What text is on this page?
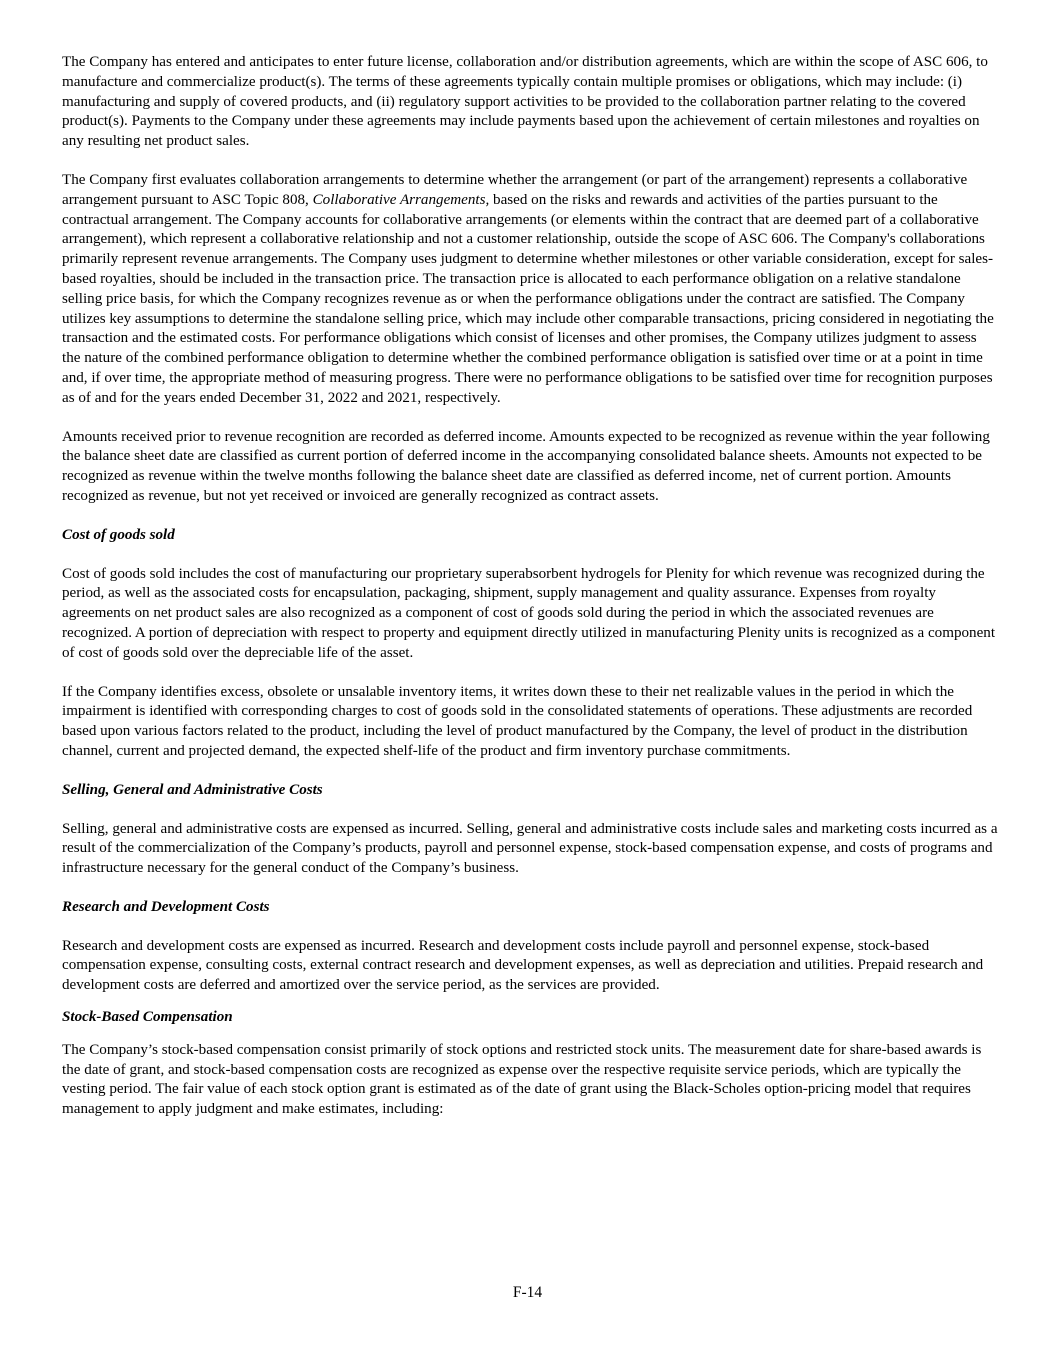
The Company has entered and anticipates to enter future license, collaboration and/or distribution agreements, which are within the scope of ASC 606, to manufacture and commercialize product(s). The terms of these agreements typically contain multiple promises or obligations, which may include: (i) manufacturing and supply of covered products, and (ii) regulatory support activities to be provided to the collaboration partner relating to the covered product(s). Payments to the Company under these agreements may include payments based upon the achievement of certain milestones and royalties on any resulting net product sales.

The Company first evaluates collaboration arrangements to determine whether the arrangement (or part of the arrangement) represents a collaborative arrangement pursuant to ASC Topic 808, Collaborative Arrangements, based on the risks and rewards and activities of the parties pursuant to the contractual arrangement. The Company accounts for collaborative arrangements (or elements within the contract that are deemed part of a collaborative arrangement), which represent a collaborative relationship and not a customer relationship, outside the scope of ASC 606. The Company's collaborations primarily represent revenue arrangements. The Company uses judgment to determine whether milestones or other variable consideration, except for sales-based royalties, should be included in the transaction price. The transaction price is allocated to each performance obligation on a relative standalone selling price basis, for which the Company recognizes revenue as or when the performance obligations under the contract are satisfied. The Company utilizes key assumptions to determine the standalone selling price, which may include other comparable transactions, pricing considered in negotiating the transaction and the estimated costs. For performance obligations which consist of licenses and other promises, the Company utilizes judgment to assess the nature of the combined performance obligation to determine whether the combined performance obligation is satisfied over time or at a point in time and, if over time, the appropriate method of measuring progress. There were no performance obligations to be satisfied over time for recognition purposes as of and for the years ended December 31, 2022 and 2021, respectively.

Amounts received prior to revenue recognition are recorded as deferred income. Amounts expected to be recognized as revenue within the year following the balance sheet date are classified as current portion of deferred income in the accompanying consolidated balance sheets. Amounts not expected to be recognized as revenue within the twelve months following the balance sheet date are classified as deferred income, net of current portion. Amounts recognized as revenue, but not yet received or invoiced are generally recognized as contract assets.

Cost of goods sold

Cost of goods sold includes the cost of manufacturing our proprietary superabsorbent hydrogels for Plenity for which revenue was recognized during the period, as well as the associated costs for encapsulation, packaging, shipment, supply management and quality assurance. Expenses from royalty agreements on net product sales are also recognized as a component of cost of goods sold during the period in which the associated revenues are recognized. A portion of depreciation with respect to property and equipment directly utilized in manufacturing Plenity units is recognized as a component of cost of goods sold over the depreciable life of the asset.

If the Company identifies excess, obsolete or unsalable inventory items, it writes down these to their net realizable values in the period in which the impairment is identified with corresponding charges to cost of goods sold in the consolidated statements of operations. These adjustments are recorded based upon various factors related to the product, including the level of product manufactured by the Company, the level of product in the distribution channel, current and projected demand, the expected shelf-life of the product and firm inventory purchase commitments.

Selling, General and Administrative Costs

Selling, general and administrative costs are expensed as incurred. Selling, general and administrative costs include sales and marketing costs incurred as a result of the commercialization of the Company’s products, payroll and personnel expense, stock-based compensation expense, and costs of programs and infrastructure necessary for the general conduct of the Company’s business.

Research and Development Costs

Research and development costs are expensed as incurred. Research and development costs include payroll and personnel expense, stock-based compensation expense, consulting costs, external contract research and development expenses, as well as depreciation and utilities. Prepaid research and development costs are deferred and amortized over the service period, as the services are provided.

Stock-Based Compensation

The Company’s stock-based compensation consist primarily of stock options and restricted stock units. The measurement date for share-based awards is the date of grant, and stock-based compensation costs are recognized as expense over the respective requisite service periods, which are typically the vesting period. The fair value of each stock option grant is estimated as of the date of grant using the Black-Scholes option-pricing model that requires management to apply judgment and make estimates, including:

F-14
